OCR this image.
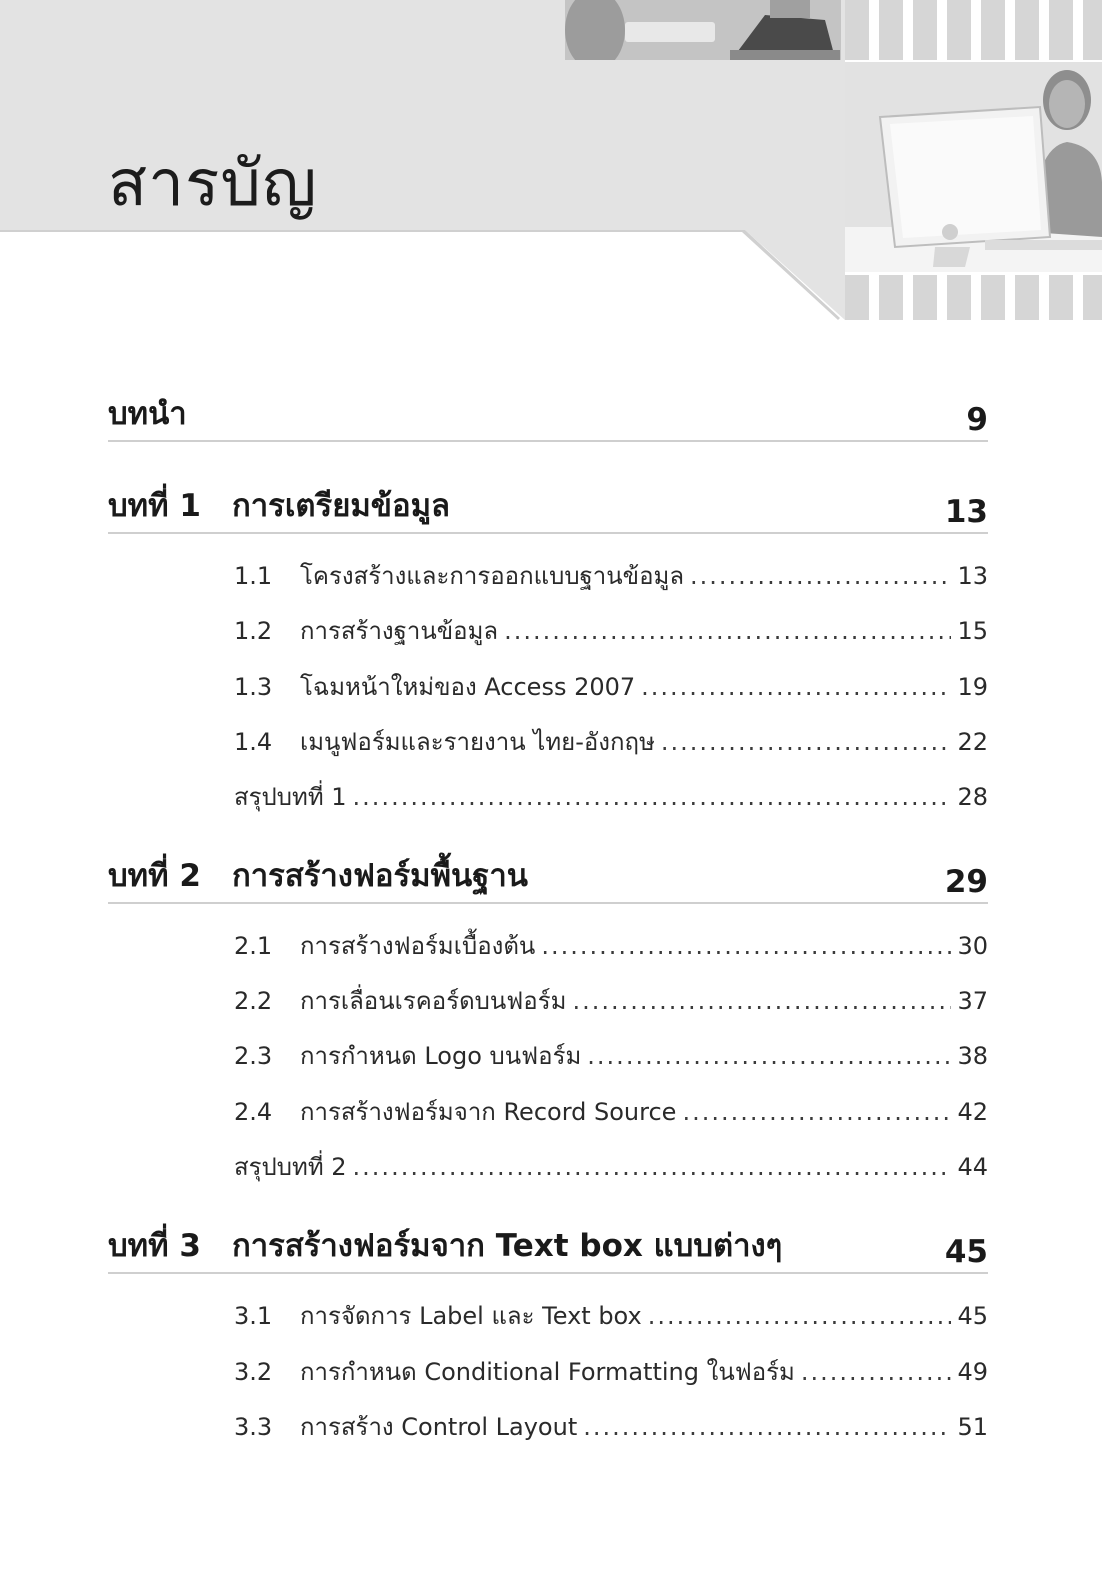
สารบัญ
บทนำ	9
บทที่ 1 การเตรียมข้อมูล	13
1.1	โครงสร้างและการออกแบบฐานข้อมูล .....	13
1.2	การสร้างฐานข้อมูล .....	15
1.3	โฉมหน้าใหม่ของ Access 2007 .....	19
1.4	เมนูฟอร์มและรายงาน ไทย-อังกฤษ .....	22
สรุปบทที่ 1 .....	28
บทที่ 2 การสร้างฟอร์มพื้นฐาน	29
2.1	การสร้างฟอร์มเบื้องต้น .....	30
2.2	การเลื่อนเรคอร์ดบนฟอร์ม .....	37
2.3	การกำหนด Logo บนฟอร์ม .....	38
2.4	การสร้างฟอร์มจาก Record Source .....	42
สรุปบทที่ 2 .....	44
บทที่ 3 การสร้างฟอร์มจาก Text box แบบต่างๆ	45
3.1	การจัดการ Label และ Text box .....	45
3.2	การกำหนด Conditional Formatting ในฟอร์ม .....	49
3.3	การสร้าง Control Layout .....	51
